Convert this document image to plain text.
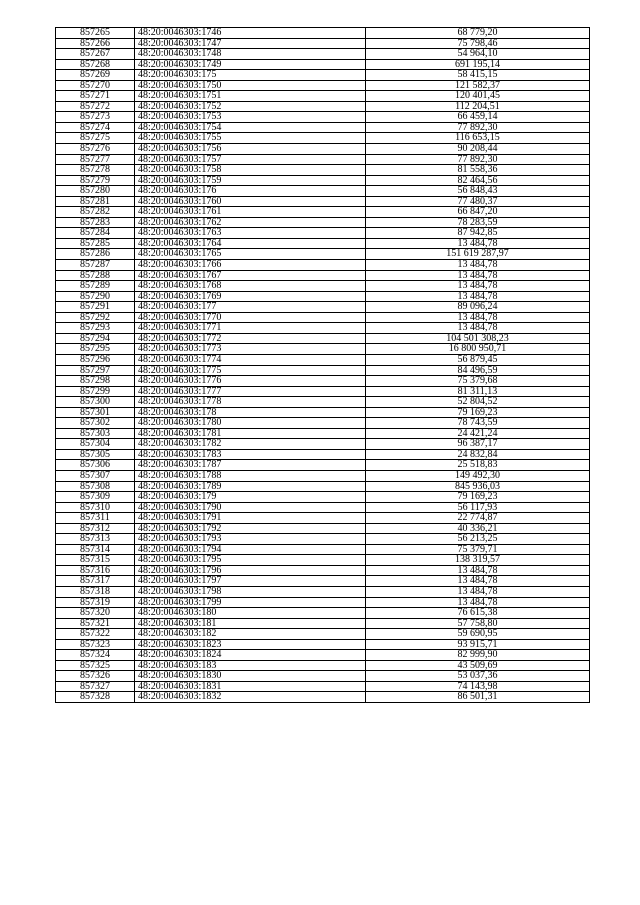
857265	48:20:0046303:1746	68 779,20
857266	48:20:0046303:1747	75 798,46
857267	48:20:0046303:1748	54 964,10
857268	48:20:0046303:1749	691 195,14
857269	48:20:0046303:175	58 415,15
857270	48:20:0046303:1750	121 582,37
857271	48:20:0046303:1751	120 401,45
857272	48:20:0046303:1752	112 204,51
857273	48:20:0046303:1753	66 459,14
857274	48:20:0046303:1754	77 892,30
857275	48:20:0046303:1755	116 653,15
857276	48:20:0046303:1756	90 208,44
857277	48:20:0046303:1757	77 892,30
857278	48:20:0046303:1758	81 558,36
857279	48:20:0046303:1759	82 464,56
857280	48:20:0046303:176	56 848,43
857281	48:20:0046303:1760	77 480,37
857282	48:20:0046303:1761	66 847,20
857283	48:20:0046303:1762	78 283,59
857284	48:20:0046303:1763	87 942,85
857285	48:20:0046303:1764	13 484,78
857286	48:20:0046303:1765	151 619 287,97
857287	48:20:0046303:1766	13 484,78
857288	48:20:0046303:1767	13 484,78
857289	48:20:0046303:1768	13 484,78
857290	48:20:0046303:1769	13 484,78
857291	48:20:0046303:177	89 096,24
857292	48:20:0046303:1770	13 484,78
857293	48:20:0046303:1771	13 484,78
857294	48:20:0046303:1772	104 501 308,23
857295	48:20:0046303:1773	16 800 950,71
857296	48:20:0046303:1774	56 879,45
857297	48:20:0046303:1775	84 496,59
857298	48:20:0046303:1776	75 379,68
857299	48:20:0046303:1777	81 311,13
857300	48:20:0046303:1778	52 804,52
857301	48:20:0046303:178	79 169,23
857302	48:20:0046303:1780	78 743,59
857303	48:20:0046303:1781	24 421,24
857304	48:20:0046303:1782	96 387,17
857305	48:20:0046303:1783	24 832,84
857306	48:20:0046303:1787	25 518,83
857307	48:20:0046303:1788	149 492,30
857308	48:20:0046303:1789	845 936,03
857309	48:20:0046303:179	79 169,23
857310	48:20:0046303:1790	56 117,93
857311	48:20:0046303:1791	22 774,87
857312	48:20:0046303:1792	40 336,21
857313	48:20:0046303:1793	56 213,25
857314	48:20:0046303:1794	75 379,71
857315	48:20:0046303:1795	138 319,57
857316	48:20:0046303:1796	13 484,78
857317	48:20:0046303:1797	13 484,78
857318	48:20:0046303:1798	13 484,78
857319	48:20:0046303:1799	13 484,78
857320	48:20:0046303:180	76 615,38
857321	48:20:0046303:181	57 758,80
857322	48:20:0046303:182	59 690,95
857323	48:20:0046303:1823	93 915,71
857324	48:20:0046303:1824	82 999,90
857325	48:20:0046303:183	43 509,69
857326	48:20:0046303:1830	53 037,36
857327	48:20:0046303:1831	74 143,98
857328	48:20:0046303:1832	86 501,31
